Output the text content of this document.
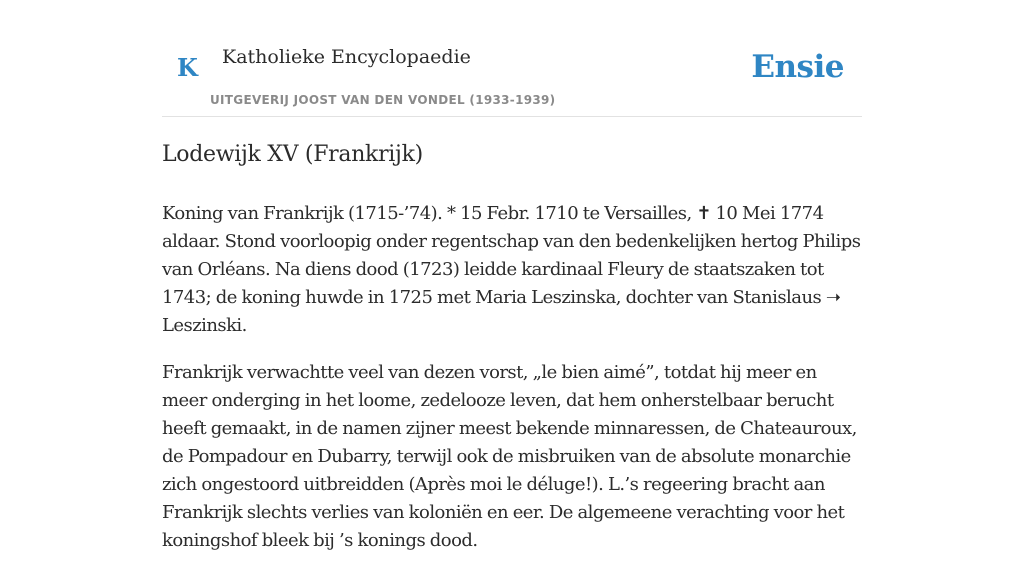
K Katholieke Encyclopaedie
UITGEVERIJ JOOST VAN DEN VONDEL (1933-1939)
Ensie
Lodewijk XV (Frankrijk)

Koning van Frankrijk (1715-’74). * 15 Febr. 1710 te Versailles, ✝ 10 Mei 1774 aldaar. Stond voorloopig onder regentschap van den bedenkelijken hertog Philips van Orléans. Na diens dood (1723) leidde kardinaal Fleury de staatszaken tot 1743; de koning huwde in 1725 met Maria Leszinska, dochter van Stanislaus ➝ Leszinski.

Frankrijk verwachtte veel van dezen vorst, „le bien aimé”, totdat hij meer en meer onderging in het loome, zedelooze leven, dat hem onherstelbaar berucht heeft gemaakt, in de namen zijner meest bekende minnaressen, de Chateauroux, de Pompadour en Dubarry, terwijl ook de misbruiken van de absolute monarchie zich ongestoord uitbreidden (Après moi le déluge!). L.’s regeering bracht aan Frankrijk slechts verlies van koloniën en eer. De algemeene verachting voor het koningshof bleek bij ’s konings dood.
